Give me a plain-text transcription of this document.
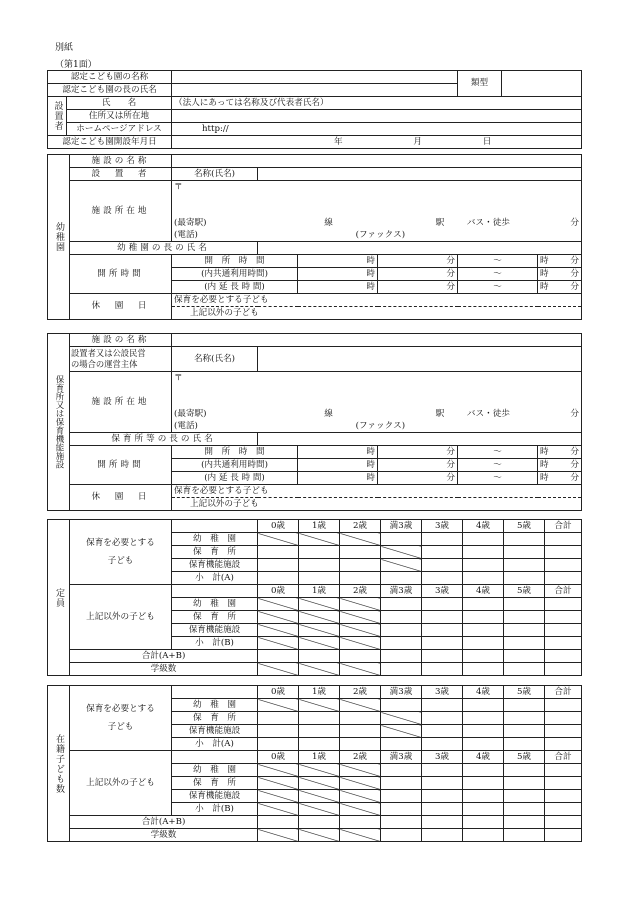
別紙
（第1面）
認定こども園の名称			類型	
認定こども園の長の氏名				
設置者	氏　　名	（法人にあっては名称及び代表者氏名）		
	住所又は所在地			
	ホームページアドレス	http://		
認定こども園開設年月日		年 月 日		
幼稚園	施設の名称						
	設　置　者	名称(氏名)					
	施設所在地	〒					

		(最寄駅) 線 駅 バス・徒歩 分					

		(電話) (ファックス)					
	幼稚園の長の氏名						
	開所時間	開　所　時　間		時	分	～	時 分

		(内共通利用時間)		時	分	～	時 分

		(内 延 長 時 間)		時	分	～	時 分

	休　園　日	保育を必要とする子ども					
		上記以外の子ども					
保育所又は保育機能施設	施設の名称						

	設置者又は公設民営
の場合の運営主体	名称(氏名)					
	施設所在地	〒					

		(最寄駅) 線 駅 バス・徒歩 分					

		(電話) (ファックス)					
	保育所等の長の氏名						
	開所時間	開　所　時　間		時	分	～	時 分

		(内共通利用時間)		時	分	～	時 分

		(内 延 長 時 間)		時	分	～	時 分

	休　園　日	保育を必要とする子ども					
		上記以外の子ども					
定員	保育を必要とする
子ども		0歳	1歳	2歳	満3歳	3歳	4歳	5歳	合計
		幼　稚　園								
		保　育　所								
		保育機能施設								
		小　計(A)								
	上記以外の子ども		0歳	1歳	2歳	満3歳	3歳	4歳	5歳	合計
		幼　稚　園								
		保　育　所								
		保育機能施設								
		小　計(B)								
	合計(A+B)									
	学級数									
在籍子ども数	保育を必要とする
子ども		0歳	1歳	2歳	満3歳	3歳	4歳	5歳	合計
		幼　稚　園								
		保　育　所								
		保育機能施設								
		小　計(A)								
	上記以外の子ども		0歳	1歳	2歳	満3歳	3歳	4歳	5歳	合計
		幼　稚　園								
		保　育　所								
		保育機能施設								
		小　計(B)								
	合計(A+B)									
	学級数									
